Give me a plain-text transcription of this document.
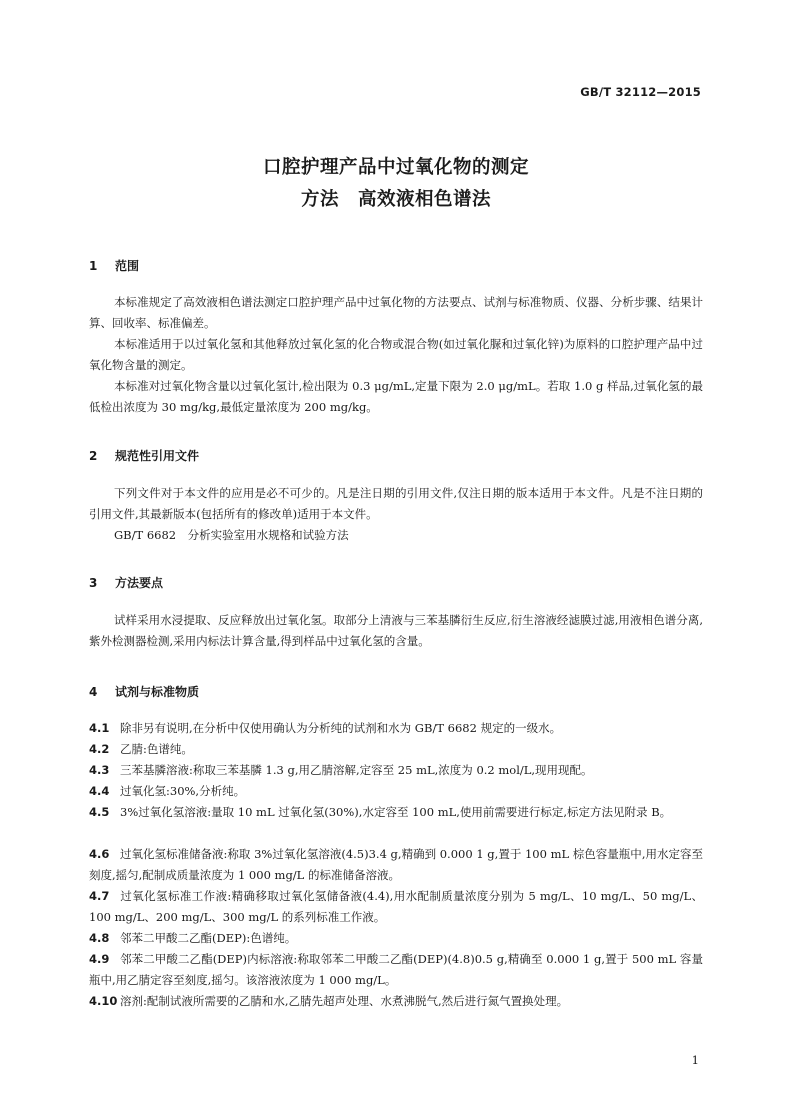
GB/T 32112—2015
口腔护理产品中过氧化物的测定
方法　高效液相色谱法
1 范围
本标准规定了高效液相色谱法测定口腔护理产品中过氧化物的方法要点、试剂与标准物质、仪器、分析步骤、结果计算、回收率、标准偏差。
本标准适用于以过氧化氢和其他释放过氧化氢的化合物或混合物(如过氧化脲和过氧化锌)为原料的口腔护理产品中过氧化物含量的测定。
本标准对过氧化物含量以过氧化氢计,检出限为 0.3 μg/mL,定量下限为 2.0 μg/mL。若取 1.0 g 样品,过氧化氢的最低检出浓度为 30 mg/kg,最低定量浓度为 200 mg/kg。
2 规范性引用文件
下列文件对于本文件的应用是必不可少的。凡是注日期的引用文件,仅注日期的版本适用于本文件。凡是不注日期的引用文件,其最新版本(包括所有的修改单)适用于本文件。
GB/T 6682　分析实验室用水规格和试验方法
3 方法要点
试样采用水浸提取、反应释放出过氧化氢。取部分上清液与三苯基膦衍生反应,衍生溶液经滤膜过滤,用液相色谱分离,紫外检测器检测,采用内标法计算含量,得到样品中过氧化氢的含量。
4 试剂与标准物质
4.1 除非另有说明,在分析中仅使用确认为分析纯的试剂和水为 GB/T 6682 规定的一级水。
4.2 乙腈:色谱纯。
4.3 三苯基膦溶液:称取三苯基膦 1.3 g,用乙腈溶解,定容至 25 mL,浓度为 0.2 mol/L,现用现配。
4.4 过氧化氢:30%,分析纯。
4.5 3%过氧化氢溶液:量取 10 mL 过氧化氢(30%),水定容至 100 mL,使用前需要进行标定,标定方法见附录 B。
4.6 过氧化氢标准储备液:称取 3%过氧化氢溶液(4.5)3.4 g,精确到 0.000 1 g,置于 100 mL 棕色容量瓶中,用水定容至刻度,摇匀,配制成质量浓度为 1 000 mg/L 的标准储备溶液。
4.7 过氧化氢标准工作液:精确移取过氧化氢储备液(4.4),用水配制质量浓度分别为 5 mg/L、10 mg/L、50 mg/L、100 mg/L、200 mg/L、300 mg/L 的系列标准工作液。
4.8 邻苯二甲酸二乙酯(DEP):色谱纯。
4.9 邻苯二甲酸二乙酯(DEP)内标溶液:称取邻苯二甲酸二乙酯(DEP)(4.8)0.5 g,精确至 0.000 1 g,置于 500 mL 容量瓶中,用乙腈定容至刻度,摇匀。该溶液浓度为 1 000 mg/L。
4.10 溶剂:配制试液所需要的乙腈和水,乙腈先超声处理、水煮沸脱气,然后进行氮气置换处理。
1
